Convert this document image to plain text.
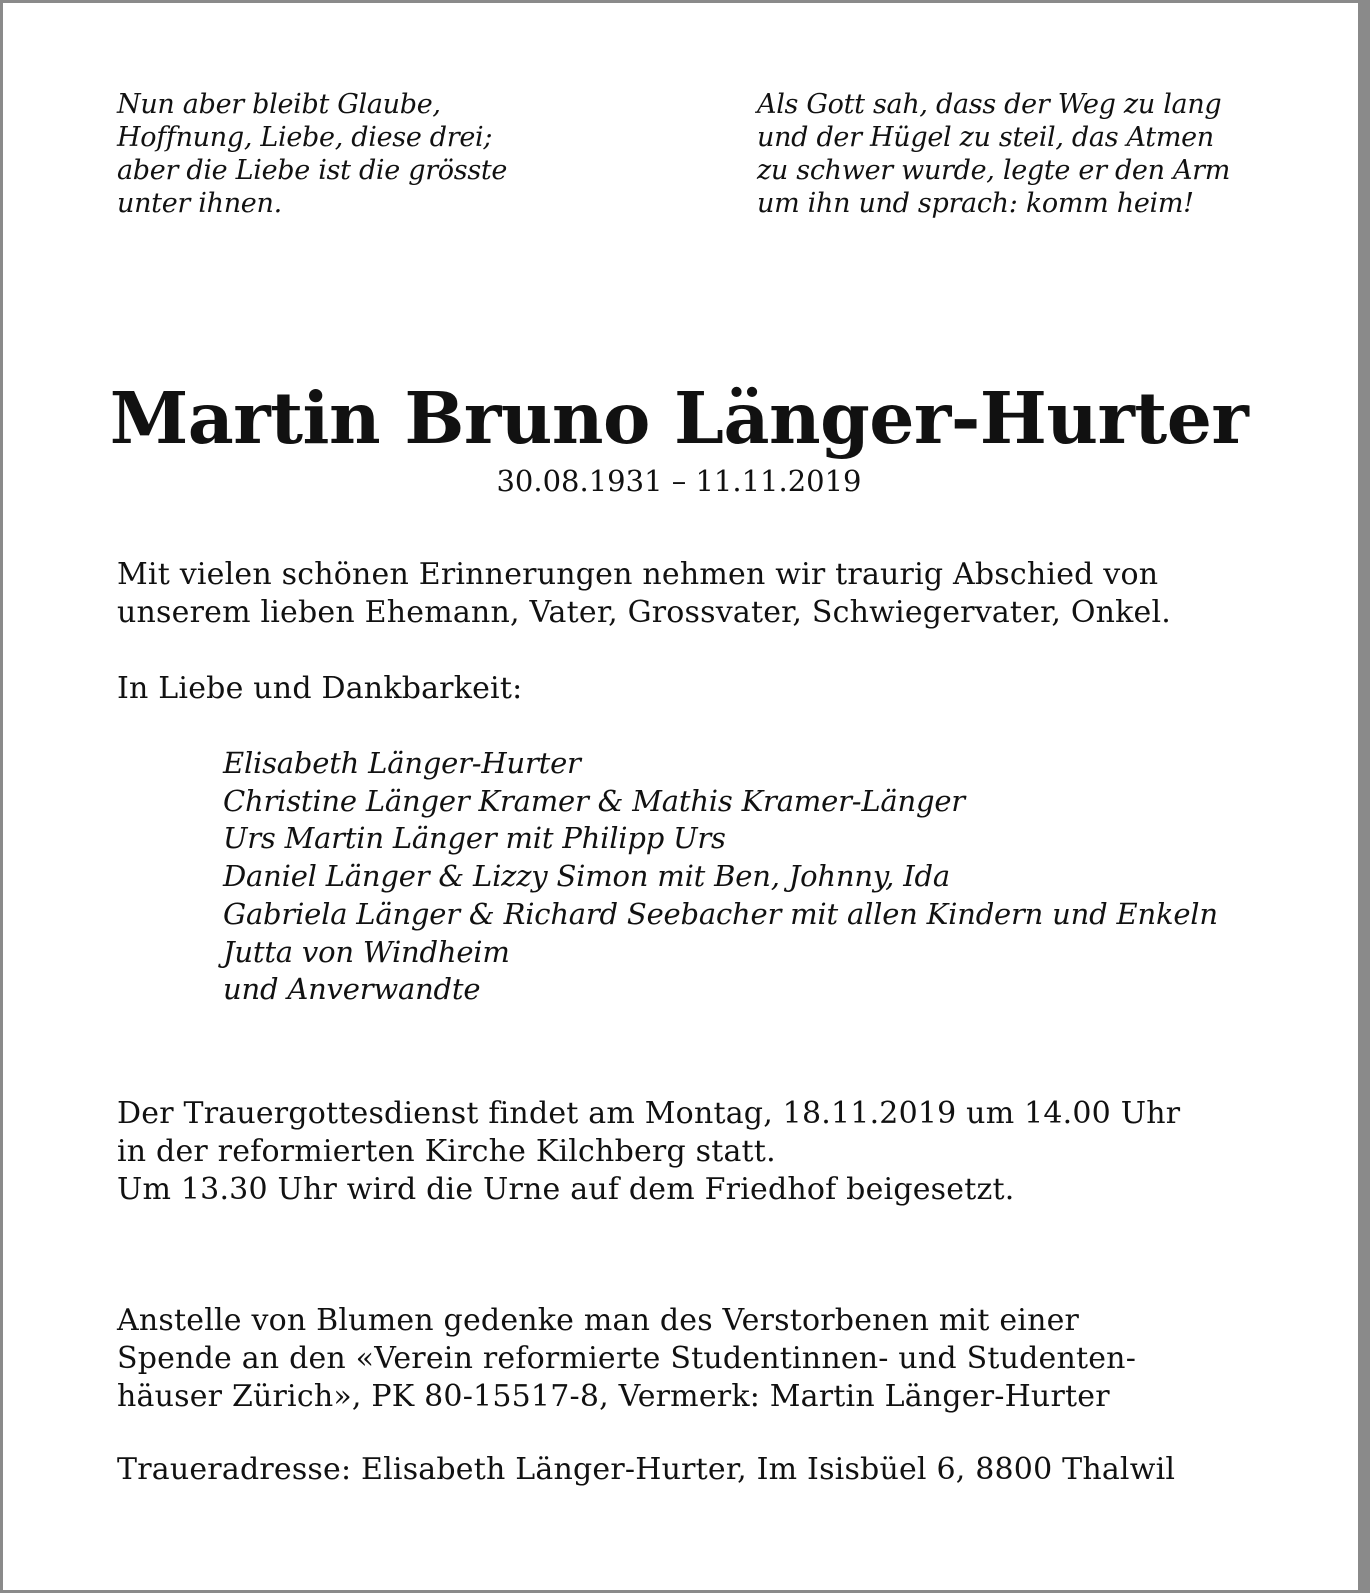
Nun aber bleibt Glaube,
Hoffnung, Liebe, diese drei;
aber die Liebe ist die grösste
unter ihnen.
Als Gott sah, dass der Weg zu lang
und der Hügel zu steil, das Atmen
zu schwer wurde, legte er den Arm
um ihn und sprach: komm heim!
Martin Bruno Länger-Hurter
30.08.1931 – 11.11.2019
Mit vielen schönen Erinnerungen nehmen wir traurig Abschied von
unserem lieben Ehemann, Vater, Grossvater, Schwiegervater, Onkel.
In Liebe und Dankbarkeit:
Elisabeth Länger-Hurter
Christine Länger Kramer & Mathis Kramer-Länger
Urs Martin Länger mit Philipp Urs
Daniel Länger & Lizzy Simon mit Ben, Johnny, Ida
Gabriela Länger & Richard Seebacher mit allen Kindern und Enkeln
Jutta von Windheim
und Anverwandte
Der Trauergottesdienst findet am Montag, 18.11.2019 um 14.00 Uhr
in der reformierten Kirche Kilchberg statt.
Um 13.30 Uhr wird die Urne auf dem Friedhof beigesetzt.
Anstelle von Blumen gedenke man des Verstorbenen mit einer
Spende an den «Verein reformierte Studentinnen- und Studenten-
häuser Zürich», PK 80-15517-8, Vermerk: Martin Länger-Hurter
Traueradresse: Elisabeth Länger-Hurter, Im Isisbüel 6, 8800 Thalwil
